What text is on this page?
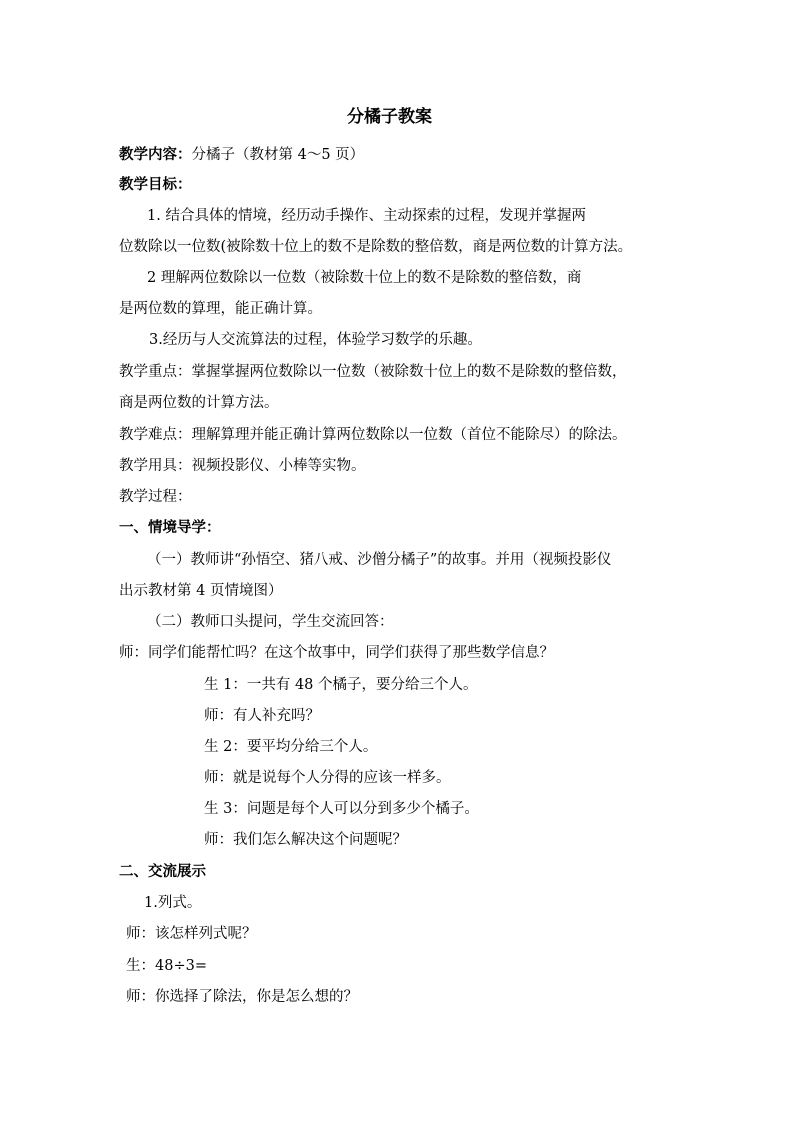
分橘子教案
教学内容：分橘子（教材第 4～5 页）
教学目标：
1. 结合具体的情境，经历动手操作、主动探索的过程，发现并掌握两
位数除以一位数(被除数十位上的数不是除数的整倍数，商是两位数的计算方法。
2 理解两位数除以一位数（被除数十位上的数不是除数的整倍数，商
是两位数的算理，能正确计算。
3.经历与人交流算法的过程，体验学习数学的乐趣。
教学重点：掌握掌握两位数除以一位数（被除数十位上的数不是除数的整倍数，
商是两位数的计算方法。
教学难点：理解算理并能正确计算两位数除以一位数（首位不能除尽）的除法。
教学用具：视频投影仪、小棒等实物。
教学过程：
一、情境导学：
（一）教师讲“孙悟空、猪八戒、沙僧分橘子”的故事。并用（视频投影仪
出示教材第 4 页情境图）
（二）教师口头提问，学生交流回答：
师：同学们能帮忙吗？在这个故事中，同学们获得了那些数学信息？
生 1：一共有 48 个橘子，要分给三个人。
师：有人补充吗？
生 2：要平均分给三个人。
师：就是说每个人分得的应该一样多。
生 3：问题是每个人可以分到多少个橘子。
师：我们怎么解决这个问题呢？
二、交流展示
1.列式。
师：该怎样列式呢？
生：48÷3=
师：你选择了除法，你是怎么想的？
